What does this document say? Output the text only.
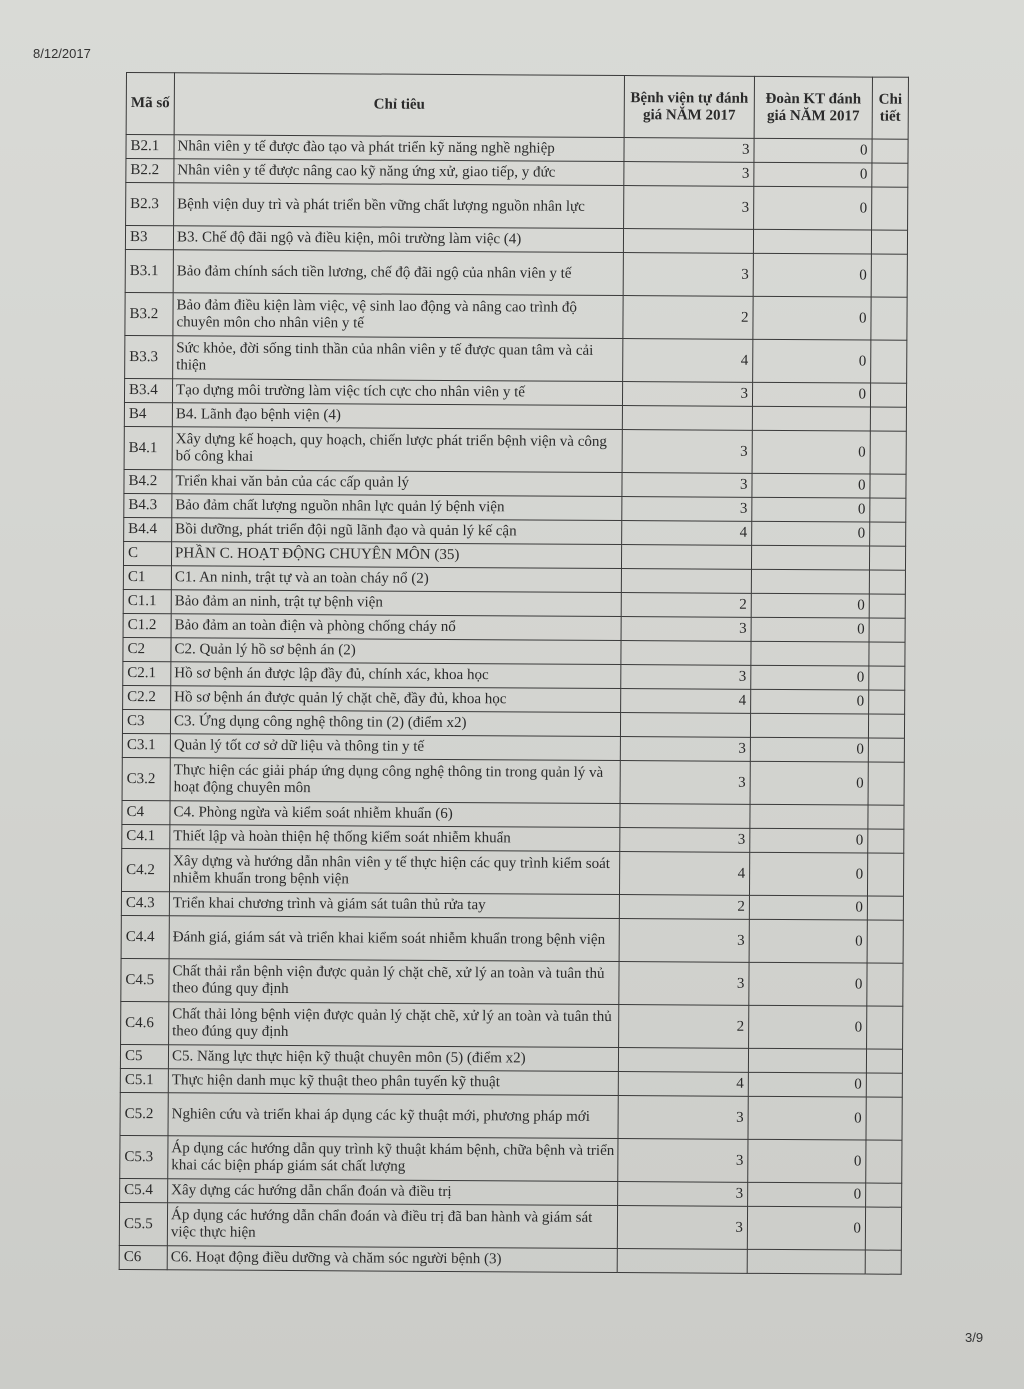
8/12/2017
Mã số	Chỉ tiêu	Bệnh viện tự đánh giá NĂM 2017	Đoàn KT đánh giá NĂM 2017	Chi tiết
B2.1	Nhân viên y tế được đào tạo và phát triển kỹ năng nghề nghiệp	3	0	
B2.2	Nhân viên y tế được nâng cao kỹ năng ứng xử, giao tiếp, y đức	3	0	
B2.3	Bệnh viện duy trì và phát triển bền vững chất lượng nguồn nhân lực	3	0	
B3	B3. Chế độ đãi ngộ và điều kiện, môi trường làm việc (4)			
B3.1	Bảo đảm chính sách tiền lương, chế độ đãi ngộ của nhân viên y tế	3	0	
B3.2	Bảo đảm điều kiện làm việc, vệ sinh lao động và nâng cao trình độ chuyên môn cho nhân viên y tế	2	0	
B3.3	Sức khỏe, đời sống tinh thần của nhân viên y tế được quan tâm và cải thiện	4	0	
B3.4	Tạo dựng môi trường làm việc tích cực cho nhân viên y tế	3	0	
B4	B4. Lãnh đạo bệnh viện (4)			
B4.1	Xây dựng kế hoạch, quy hoạch, chiến lược phát triển bệnh viện và công bố công khai	3	0	
B4.2	Triển khai văn bản của các cấp quản lý	3	0	
B4.3	Bảo đảm chất lượng nguồn nhân lực quản lý bệnh viện	3	0	
B4.4	Bồi dưỡng, phát triển đội ngũ lãnh đạo và quản lý kế cận	4	0	
C	PHẦN C. HOẠT ĐỘNG CHUYÊN MÔN (35)			
C1	C1. An ninh, trật tự và an toàn cháy nổ (2)			
C1.1	Bảo đảm an ninh, trật tự bệnh viện	2	0	
C1.2	Bảo đảm an toàn điện và phòng chống cháy nổ	3	0	
C2	C2. Quản lý hồ sơ bệnh án (2)			
C2.1	Hồ sơ bệnh án được lập đầy đủ, chính xác, khoa học	3	0	
C2.2	Hồ sơ bệnh án được quản lý chặt chẽ, đầy đủ, khoa học	4	0	
C3	C3. Ứng dụng công nghệ thông tin (2) (điểm x2)			
C3.1	Quản lý tốt cơ sở dữ liệu và thông tin y tế	3	0	
C3.2	Thực hiện các giải pháp ứng dụng công nghệ thông tin trong quản lý và hoạt động chuyên môn	3	0	
C4	C4. Phòng ngừa và kiểm soát nhiễm khuẩn (6)			
C4.1	Thiết lập và hoàn thiện hệ thống kiểm soát nhiễm khuẩn	3	0	
C4.2	Xây dựng và hướng dẫn nhân viên y tế thực hiện các quy trình kiểm soát nhiễm khuẩn trong bệnh viện	4	0	
C4.3	Triển khai chương trình và giám sát tuân thủ rửa tay	2	0	
C4.4	Đánh giá, giám sát và triển khai kiểm soát nhiễm khuẩn trong bệnh viện	3	0	
C4.5	Chất thải rắn bệnh viện được quản lý chặt chẽ, xử lý an toàn và tuân thủ theo đúng quy định	3	0	
C4.6	Chất thải lỏng bệnh viện được quản lý chặt chẽ, xử lý an toàn và tuân thủ theo đúng quy định	2	0	
C5	C5. Năng lực thực hiện kỹ thuật chuyên môn (5) (điểm x2)			
C5.1	Thực hiện danh mục kỹ thuật theo phân tuyến kỹ thuật	4	0	
C5.2	Nghiên cứu và triển khai áp dụng các kỹ thuật mới, phương pháp mới	3	0	
C5.3	Áp dụng các hướng dẫn quy trình kỹ thuật khám bệnh, chữa bệnh và triển khai các biện pháp giám sát chất lượng	3	0	
C5.4	Xây dựng các hướng dẫn chẩn đoán và điều trị	3	0	
C5.5	Áp dụng các hướng dẫn chẩn đoán và điều trị đã ban hành và giám sát việc thực hiện	3	0	
C6	C6. Hoạt động điều dưỡng và chăm sóc người bệnh (3)			
3/9
